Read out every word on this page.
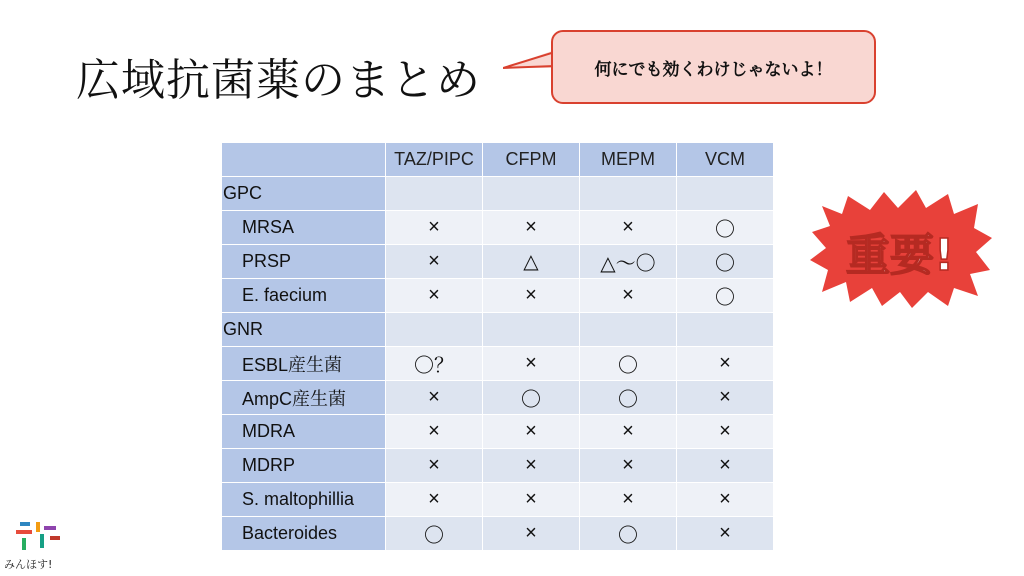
広域抗菌薬のまとめ	何にでも効くわけじゃないよ！
	TAZ/PIPC	CFPM	MEPM	VCM
GPC				
MRSA	×	×	×	〇
PRSP	×	△	△～〇	〇
E. faecium	×	×	×	〇
GNR				
ESBL産生菌	〇？	×	〇	×
AmpC産生菌	×	〇	〇	×
MDRA	×	×	×	×
MDRP	×	×	×	×
S. maltophillia	×	×	×	×
Bacteroides	〇	×	〇	×
重要!
みんほす!
